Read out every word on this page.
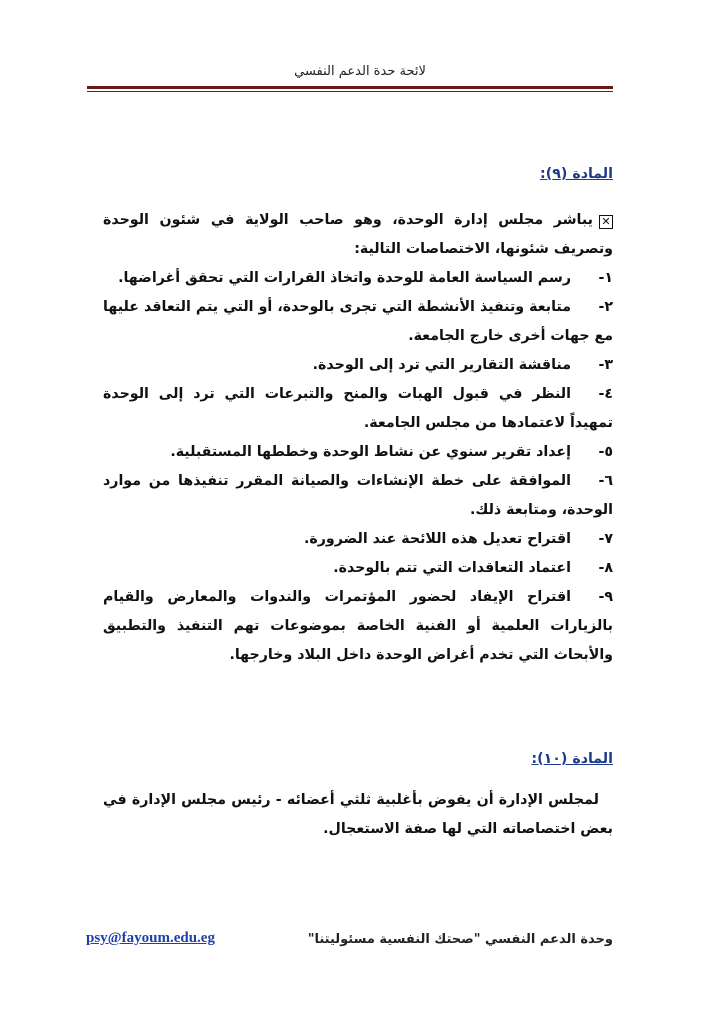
لائحة حدة الدعم النفسي
المادة (٩):

✕يباشر مجلس إدارة الوحدة، وهو صاحب الولاية في شئون الوحدة وتصريف شئونها، الاختصاصات التالية:

١-رسم السياسة العامة للوحدة واتخاذ القرارات التي تحقق أغراضها.

٢-متابعة وتنفيذ الأنشطة التي تجرى بالوحدة، أو التي يتم التعاقد عليها مع جهات أخرى خارج الجامعة.

٣-مناقشة التقارير التي ترد إلى الوحدة.

٤-النظر في قبول الهبات والمنح والتبرعات التي ترد إلى الوحدة تمهيداً لاعتمادها من مجلس الجامعة.

٥-إعداد تقرير سنوي عن نشاط الوحدة وخططها المستقبلية.

٦-الموافقة على خطة الإنشاءات والصيانة المقرر تنفيذها من موارد الوحدة، ومتابعة ذلك.

٧-اقتراح تعديل هذه اللائحة عند الضرورة.

٨-اعتماد التعاقدات التي تتم بالوحدة.

٩-اقتراح الإيفاد لحضور المؤتمرات والندوات والمعارض والقيام بالزيارات العلمية أو الفنية الخاصة بموضوعات تهم التنفيذ والتطبيق والأبحاث التي تخدم أغراض الوحدة داخل البلاد وخارجها.

المادة (١٠):

لمجلس الإدارة أن يفوض بأغلبية ثلثي أعضائه - رئيس مجلس الإدارة في بعض اختصاصاته التي لها صفة الاستعجال.

psy@fayoum.edu.eg	وحدة الدعم النفسي "صحتك النفسية مسئوليتنا"
